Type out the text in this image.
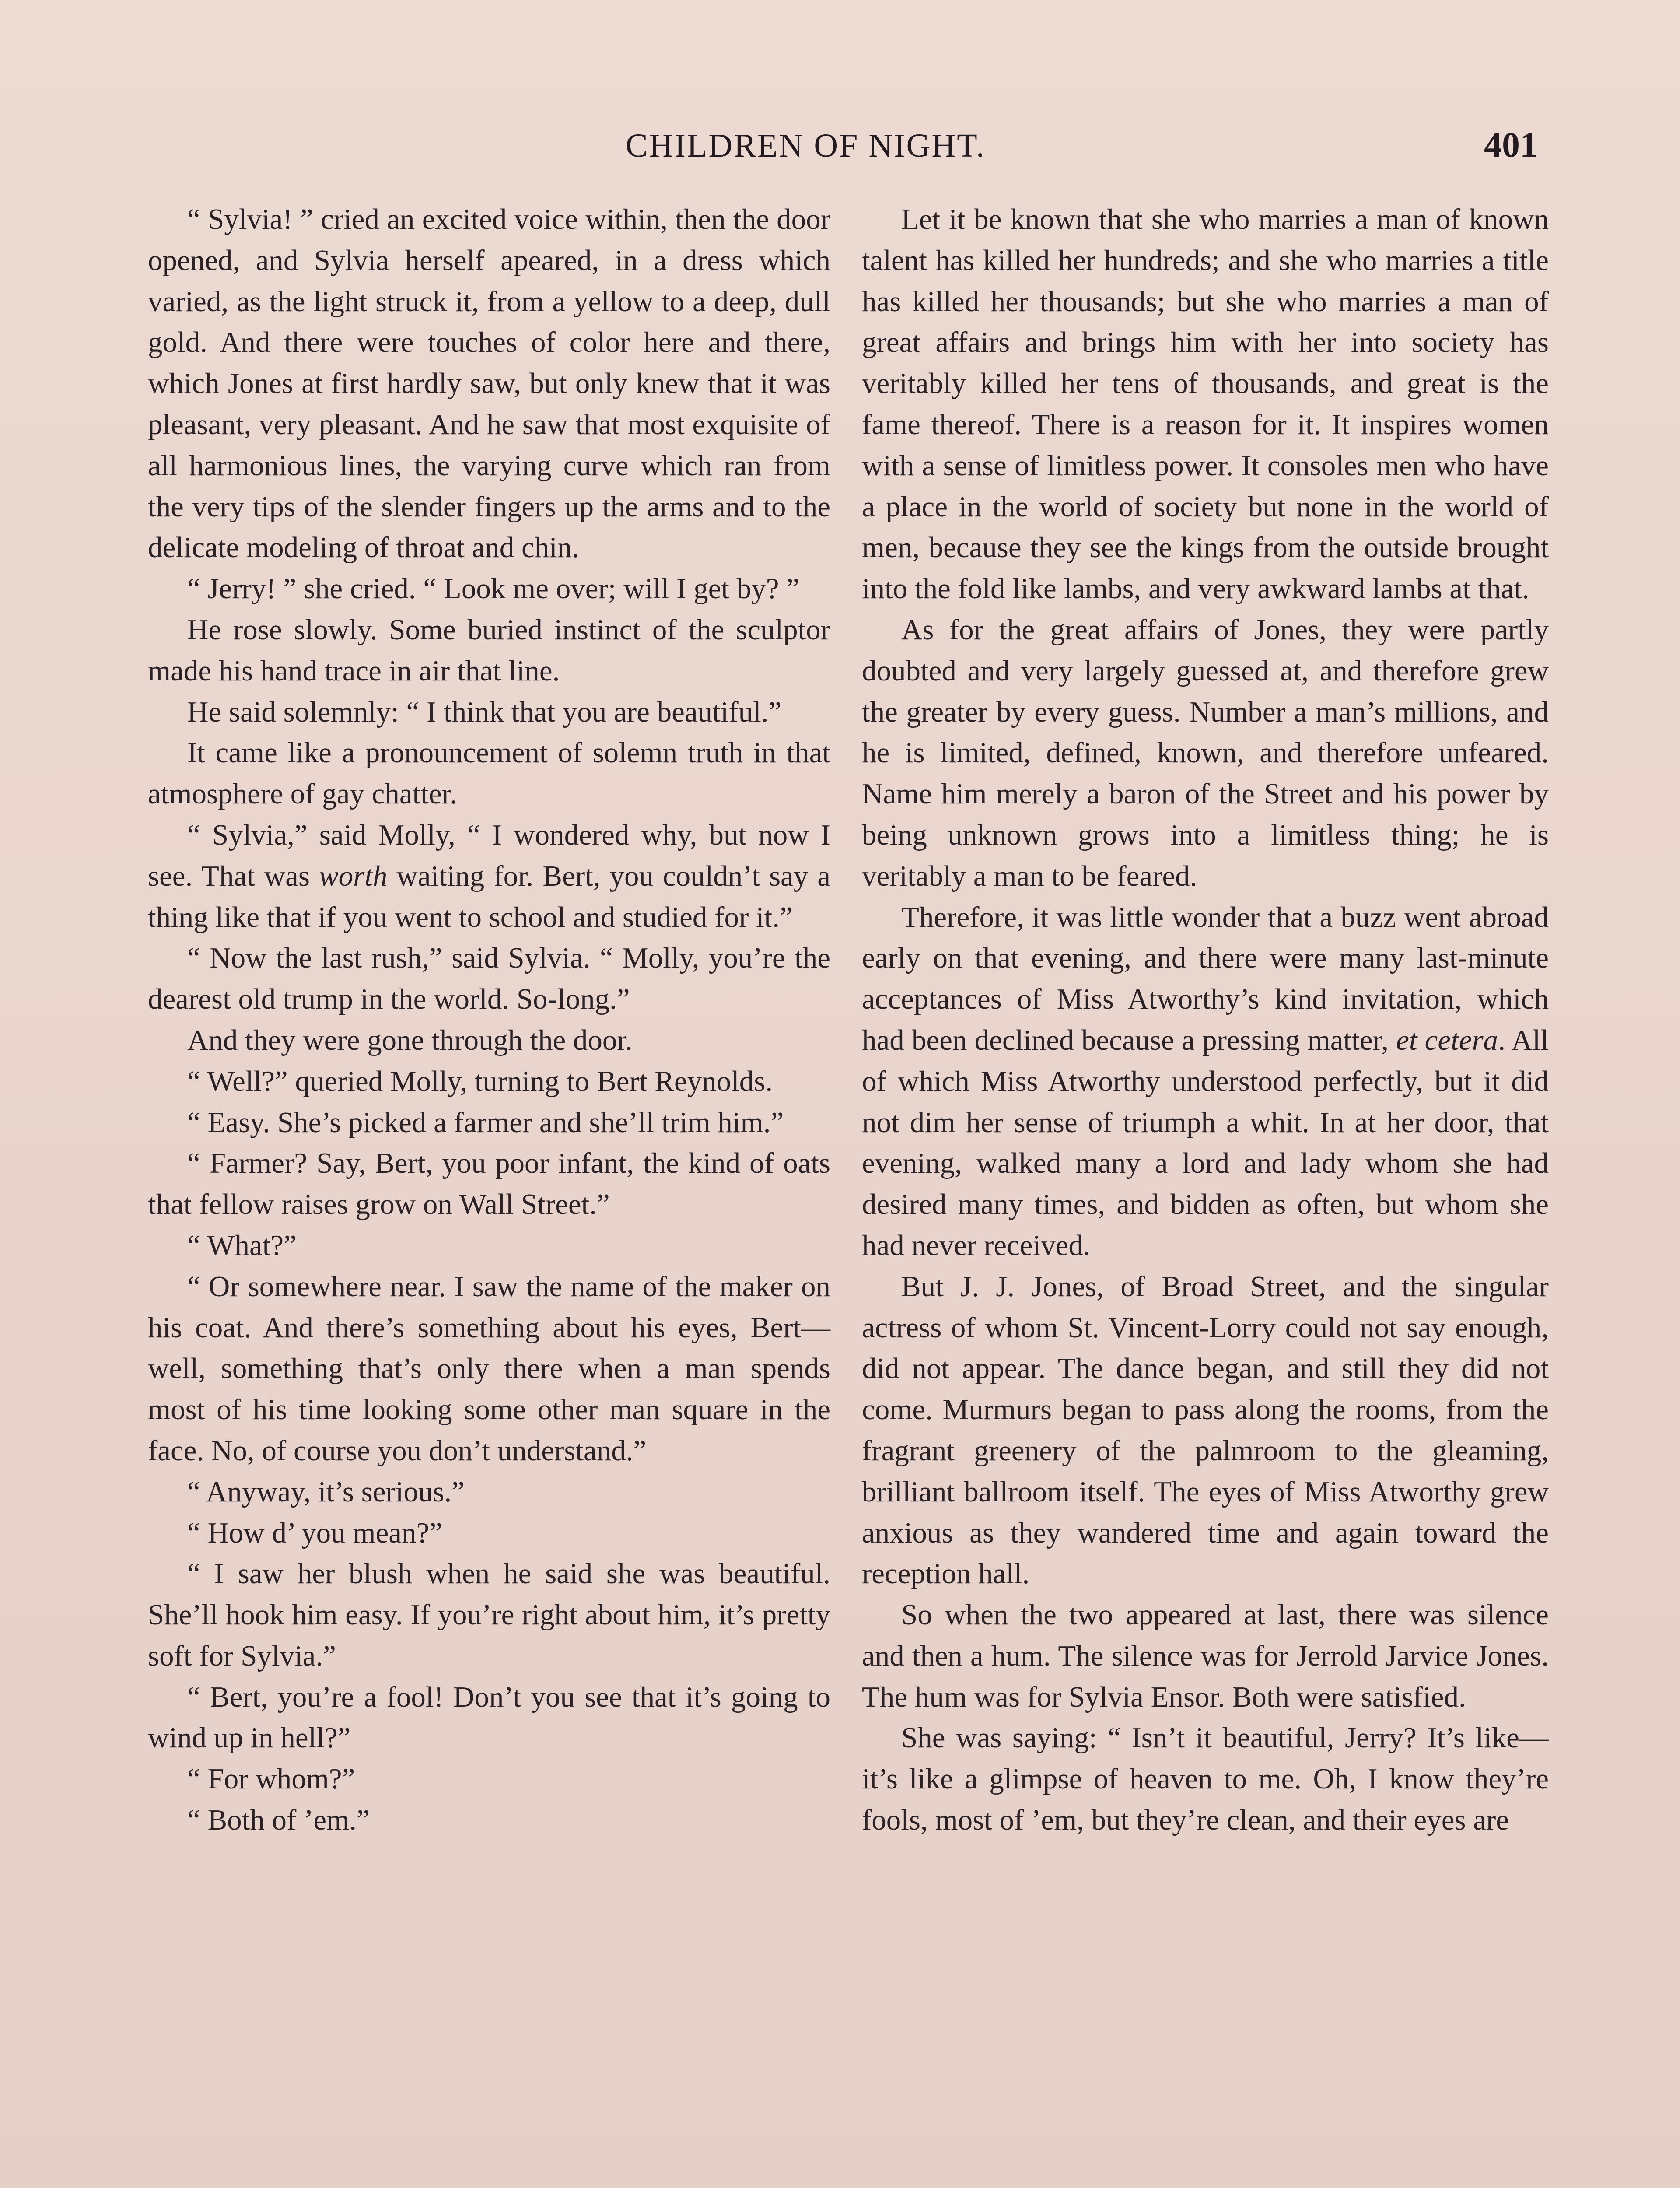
CHILDREN OF NIGHT.	401

“ Sylvia! ” cried an excited voice within, then the door opened, and Sylvia herself apeared, in a dress which varied, as the light struck it, from a yellow to a deep, dull gold. And there were touches of color here and there, which Jones at first hardly saw, but only knew that it was pleasant, very pleasant. And he saw that most exquisite of all harmonious lines, the varying curve which ran from the very tips of the slender fingers up the arms and to the delicate modeling of throat and chin.

“ Jerry! ” she cried. “ Look me over; will I get by? ”

He rose slowly. Some buried instinct of the sculptor made his hand trace in air that line.

He said solemnly: “ I think that you are beautiful.”

It came like a pronouncement of solemn truth in that atmosphere of gay chatter.

“ Sylvia,” said Molly, “ I wondered why, but now I see. That was worth waiting for. Bert, you couldn’t say a thing like that if you went to school and studied for it.”

“ Now the last rush,” said Sylvia. “ Molly, you’re the dearest old trump in the world. So-long.”

And they were gone through the door.

“ Well?” queried Molly, turning to Bert Reynolds.

“ Easy. She’s picked a farmer and she’ll trim him.”

“ Farmer? Say, Bert, you poor infant, the kind of oats that fellow raises grow on Wall Street.”

“ What?”

“ Or somewhere near. I saw the name of the maker on his coat. And there’s something about his eyes, Bert—well, something that’s only there when a man spends most of his time looking some other man square in the face. No, of course you don’t understand.”

“ Anyway, it’s serious.”

“ How d’ you mean?”

“ I saw her blush when he said she was beautiful. She’ll hook him easy. If you’re right about him, it’s pretty soft for Sylvia.”

“ Bert, you’re a fool! Don’t you see that it’s going to wind up in hell?”

“ For whom?”

“ Both of ’em.”

Let it be known that she who marries a man of known talent has killed her hundreds; and she who marries a title has killed her thousands; but she who marries a man of great affairs and brings him with her into society has veritably killed her tens of thousands, and great is the fame thereof. There is a reason for it. It inspires women with a sense of limitless power. It consoles men who have a place in the world of society but none in the world of men, because they see the kings from the outside brought into the fold like lambs, and very awkward lambs at that.

As for the great affairs of Jones, they were partly doubted and very largely guessed at, and therefore grew the greater by every guess. Number a man’s millions, and he is limited, defined, known, and therefore unfeared. Name him merely a baron of the Street and his power by being unknown grows into a limitless thing; he is veritably a man to be feared.

Therefore, it was little wonder that a buzz went abroad early on that evening, and there were many last-minute acceptances of Miss Atworthy’s kind invitation, which had been declined because a pressing matter, et cetera. All of which Miss Atworthy understood perfectly, but it did not dim her sense of triumph a whit. In at her door, that evening, walked many a lord and lady whom she had desired many times, and bidden as often, but whom she had never received.

But J. J. Jones, of Broad Street, and the singular actress of whom St. Vincent-Lorry could not say enough, did not appear. The dance began, and still they did not come. Murmurs began to pass along the rooms, from the fragrant greenery of the palmroom to the gleaming, brilliant ballroom itself. The eyes of Miss Atworthy grew anxious as they wandered time and again toward the reception hall.

So when the two appeared at last, there was silence and then a hum. The silence was for Jerrold Jarvice Jones. The hum was for Sylvia Ensor. Both were satisfied.

She was saying: “ Isn’t it beautiful, Jerry? It’s like—it’s like a glimpse of heaven to me. Oh, I know they’re fools, most of ’em, but they’re clean, and their eyes are
